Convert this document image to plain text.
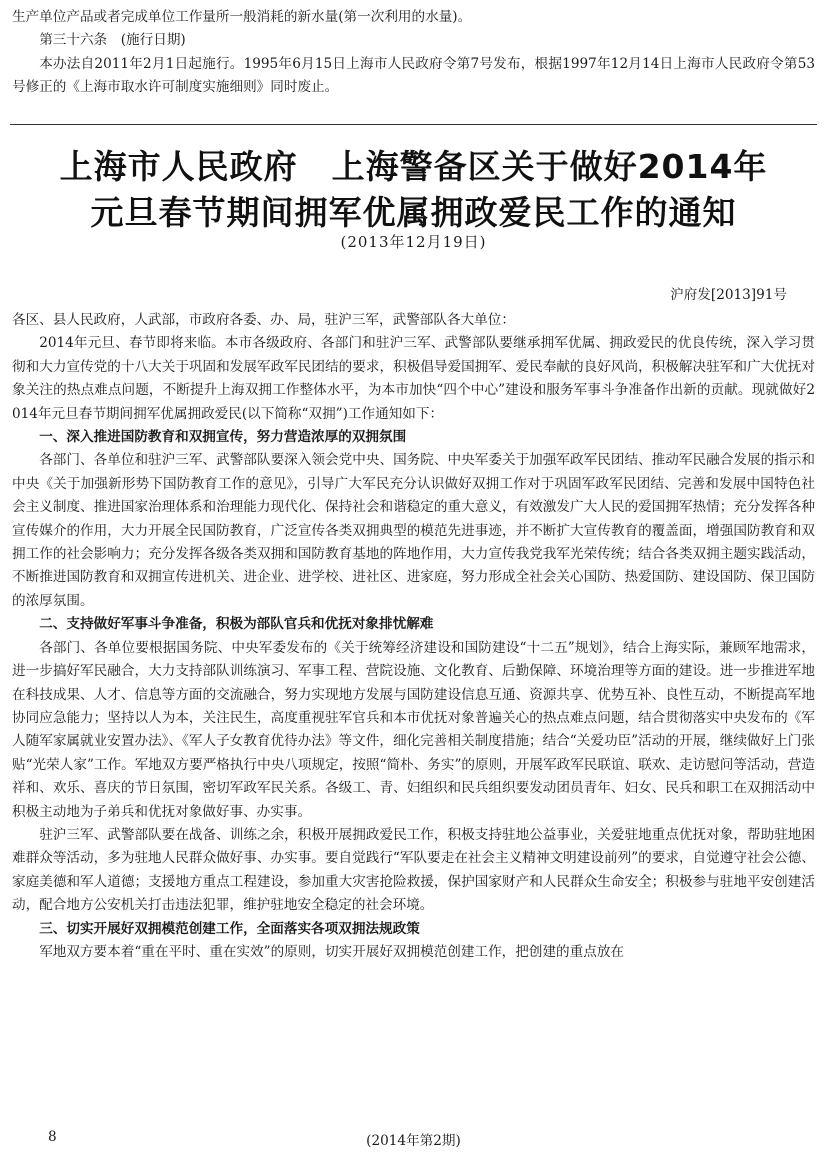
生产单位产品或者完成单位工作量所一般消耗的新水量(第一次利用的水量)。

第三十六条　(施行日期)

本办法自2011年2月1日起施行。1995年6月15日上海市人民政府令第7号发布，根据1997年12月14日上海市人民政府令第53号修正的《上海市取水许可制度实施细则》同时废止。

上海市人民政府　上海警备区关于做好2014年
元旦春节期间拥军优属拥政爱民工作的通知
(2013年12月19日)
沪府发[2013]91号

各区、县人民政府，人武部，市政府各委、办、局，驻沪三军，武警部队各大单位：

2014年元旦、春节即将来临。本市各级政府、各部门和驻沪三军、武警部队要继承拥军优属、拥政爱民的优良传统，深入学习贯彻和大力宣传党的十八大关于巩固和发展军政军民团结的要求，积极倡导爱国拥军、爱民奉献的良好风尚，积极解决驻军和广大优抚对象关注的热点难点问题，不断提升上海双拥工作整体水平，为本市加快“四个中心”建设和服务军事斗争准备作出新的贡献。现就做好2014年元旦春节期间拥军优属拥政爱民(以下简称“双拥”)工作通知如下：

一、深入推进国防教育和双拥宣传，努力营造浓厚的双拥氛围

各部门、各单位和驻沪三军、武警部队要深入领会党中央、国务院、中央军委关于加强军政军民团结、推动军民融合发展的指示和中央《关于加强新形势下国防教育工作的意见》，引导广大军民充分认识做好双拥工作对于巩固军政军民团结、完善和发展中国特色社会主义制度、推进国家治理体系和治理能力现代化、保持社会和谐稳定的重大意义，有效激发广大人民的爱国拥军热情；充分发挥各种宣传媒介的作用，大力开展全民国防教育，广泛宣传各类双拥典型的模范先进事迹，并不断扩大宣传教育的覆盖面，增强国防教育和双拥工作的社会影响力；充分发挥各级各类双拥和国防教育基地的阵地作用，大力宣传我党我军光荣传统；结合各类双拥主题实践活动，不断推进国防教育和双拥宣传进机关、进企业、进学校、进社区、进家庭，努力形成全社会关心国防、热爱国防、建设国防、保卫国防的浓厚氛围。

二、支持做好军事斗争准备，积极为部队官兵和优抚对象排忧解难

各部门、各单位要根据国务院、中央军委发布的《关于统筹经济建设和国防建设“十二五”规划》，结合上海实际，兼顾军地需求，进一步搞好军民融合，大力支持部队训练演习、军事工程、营院设施、文化教育、后勤保障、环境治理等方面的建设。进一步推进军地在科技成果、人才、信息等方面的交流融合，努力实现地方发展与国防建设信息互通、资源共享、优势互补、良性互动，不断提高军地协同应急能力；坚持以人为本，关注民生，高度重视驻军官兵和本市优抚对象普遍关心的热点难点问题，结合贯彻落实中央发布的《军人随军家属就业安置办法》、《军人子女教育优待办法》等文件，细化完善相关制度措施；结合“关爱功臣”活动的开展，继续做好上门张贴“光荣人家”工作。军地双方要严格执行中央八项规定，按照“简朴、务实”的原则，开展军政军民联谊、联欢、走访慰问等活动，营造祥和、欢乐、喜庆的节日氛围，密切军政军民关系。各级工、青、妇组织和民兵组织要发动团员青年、妇女、民兵和职工在双拥活动中积极主动地为子弟兵和优抚对象做好事、办实事。

驻沪三军、武警部队要在战备、训练之余，积极开展拥政爱民工作，积极支持驻地公益事业，关爱驻地重点优抚对象，帮助驻地困难群众等活动，多为驻地人民群众做好事、办实事。要自觉践行“军队要走在社会主义精神文明建设前列”的要求，自觉遵守社会公德、家庭美德和军人道德；支援地方重点工程建设，参加重大灾害抢险救援，保护国家财产和人民群众生命安全；积极参与驻地平安创建活动，配合地方公安机关打击违法犯罪，维护驻地安全稳定的社会环境。

三、切实开展好双拥模范创建工作，全面落实各项双拥法规政策

军地双方要本着“重在平时、重在实效”的原则，切实开展好双拥模范创建工作，把创建的重点放在

8	(2014年第2期)
